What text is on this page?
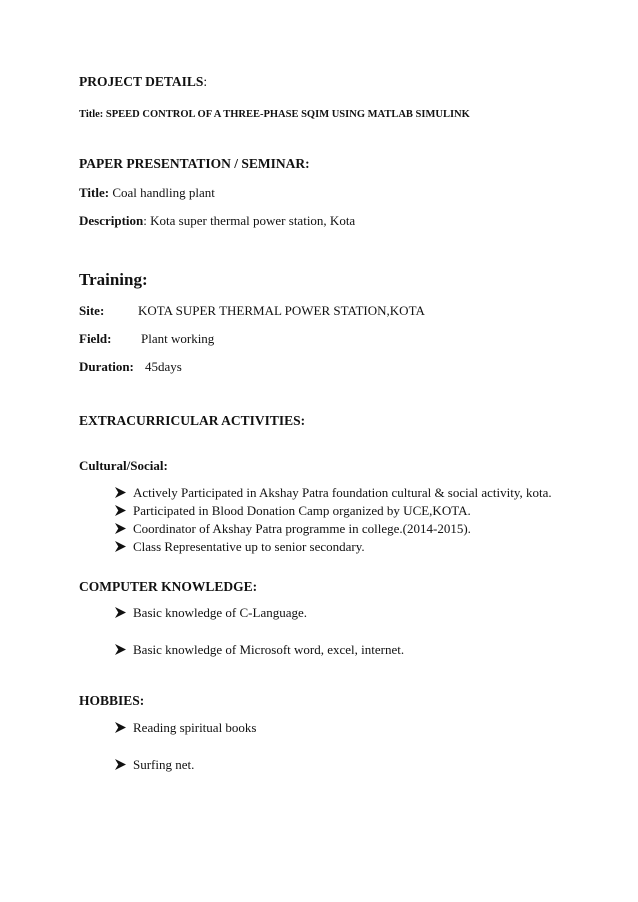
PROJECT DETAILS:
Title: SPEED CONTROL OF A THREE-PHASE SQIM USING MATLAB SIMULINK
PAPER PRESENTATION / SEMINAR:
Title: Coal handling plant
Description: Kota super thermal power station, Kota
Training:
Site:	KOTA SUPER THERMAL POWER STATION,KOTA
Field: Plant working
Duration: 45days
EXTRACURRICULAR ACTIVITIES:
Cultural/Social:
Actively Participated in Akshay Patra foundation cultural & social activity, kota.
Participated in Blood Donation Camp organized by UCE,KOTA.
Coordinator of Akshay Patra programme in college.(2014-2015).
Class Representative up to senior secondary.
COMPUTER KNOWLEDGE:
Basic knowledge of C-Language.
Basic knowledge of Microsoft word, excel, internet.
HOBBIES:
Reading spiritual books
Surfing net.
